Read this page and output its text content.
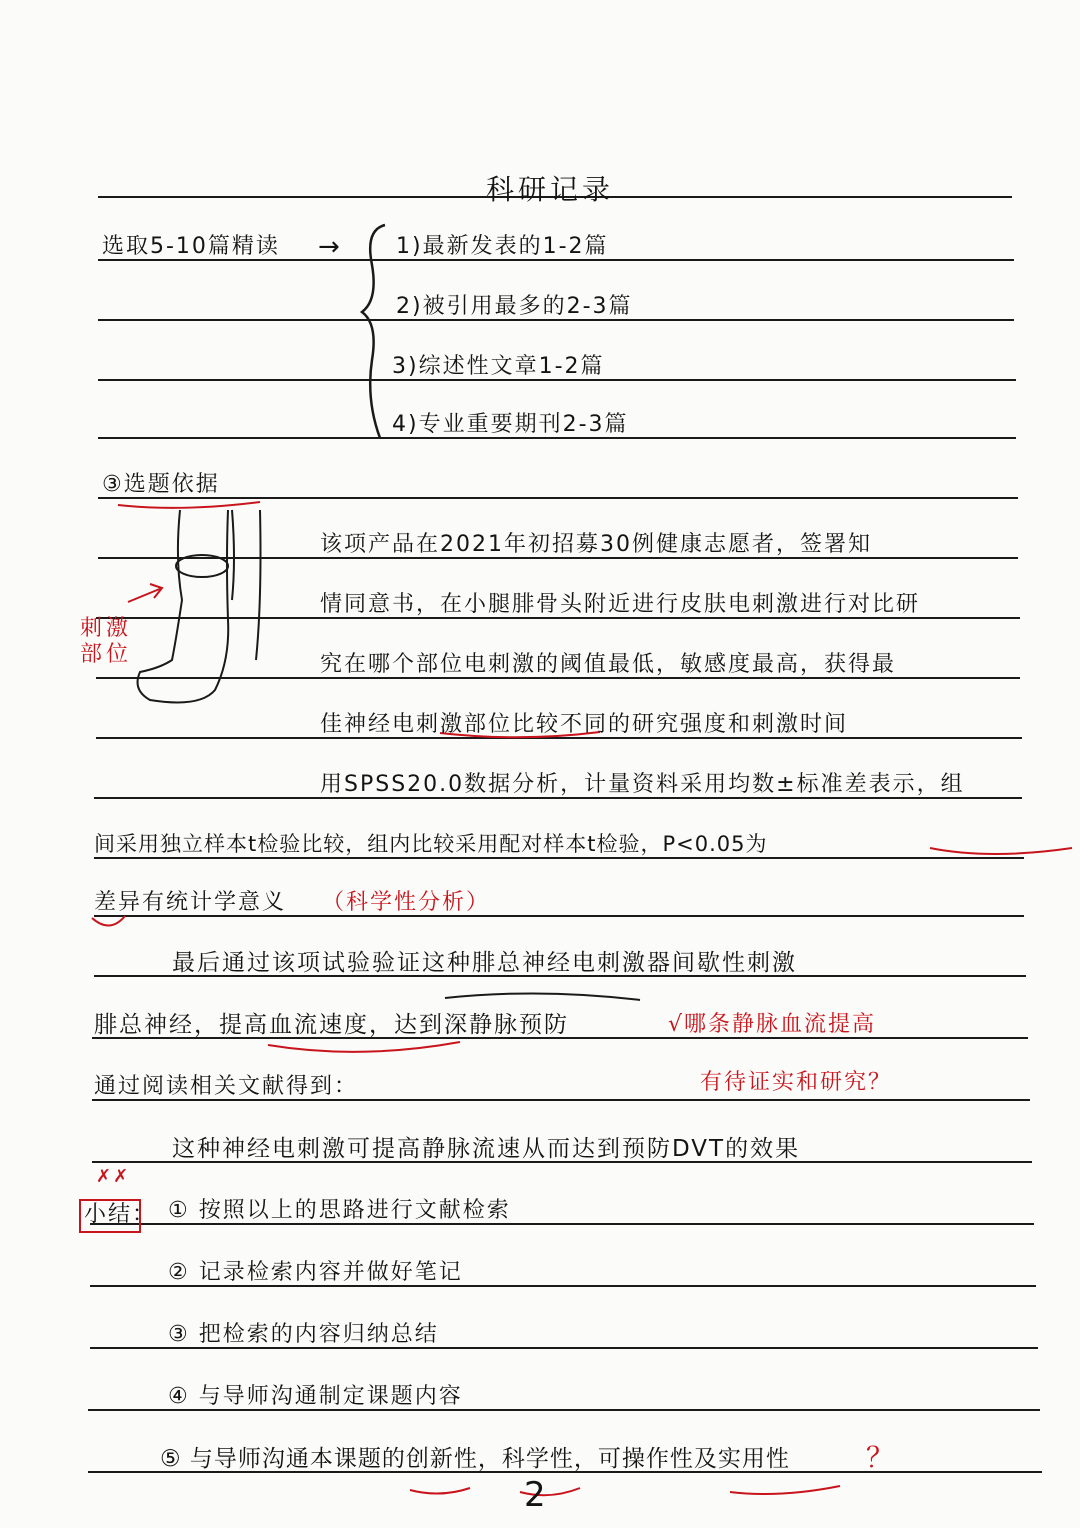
科研记录
选取5-10篇精读 → 1)最新发表的1-2篇
2)被引用最多的2-3篇
3)综述性文章1-2篇
4)专业重要期刊2-3篇
③选题依据
刺激部位
该项产品在2021年初招募30例健康志愿者，签署知
情同意书，在小腿腓骨头附近进行皮肤电刺激进行对比研
究在哪个部位电刺激的阈值最低，敏感度最高，获得最
佳神经电刺激部位比较不同的研究强度和刺激时间
用SPSS20.0数据分析，计量资料采用均数±标准差表示，组
间采用独立样本t检验比较，组内比较采用配对样本t检验，P<0.05为
差异有统计学意义 （科学性分析）
最后通过该项试验验证这种腓总神经电刺激器间歇性刺激
腓总神经，提高血流速度，达到深静脉预防	√哪条静脉血流提高
通过阅读相关文献得到：	有待证实和研究？
这种神经电刺激可提高静脉流速从而达到预防DVT的效果
✗✗
小结： ① 按照以上的思路进行文献检索
② 记录检索内容并做好笔记
③ 把检索的内容归纳总结
④ 与导师沟通制定课题内容
⑤ 与导师沟通本课题的创新性，科学性，可操作性及实用性	？
2
